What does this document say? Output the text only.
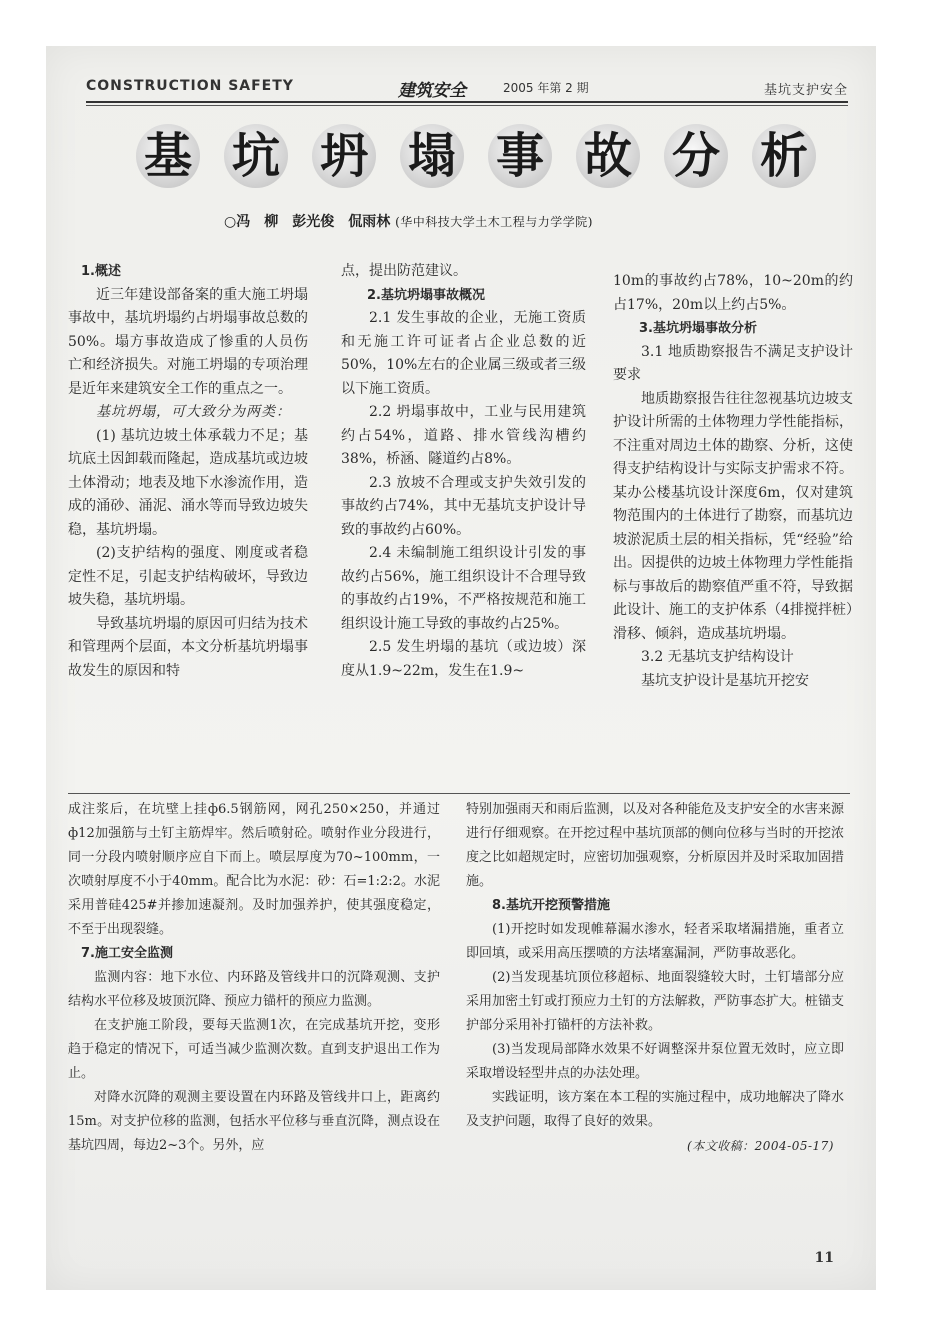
CONSTRUCTION SAFETY	建筑安全	2005 年第 2 期	基坑支护安全
基 坑 坍 塌 事 故 分 析
○冯　柳　彭光俊　侃雨林 (华中科技大学土木工程与力学学院)

1.概述

近三年建设部备案的重大施工坍塌事故中，基坑坍塌约占坍塌事故总数的50%。塌方事故造成了惨重的人员伤亡和经济损失。对施工坍塌的专项治理是近年来建筑安全工作的重点之一。

基坑坍塌，可大致分为两类：

(1) 基坑边坡土体承载力不足；基坑底土因卸载而隆起，造成基坑或边坡土体滑动；地表及地下水渗流作用，造成的涌砂、涌泥、涌水等而导致边坡失稳，基坑坍塌。

(2)支护结构的强度、刚度或者稳定性不足，引起支护结构破坏，导致边坡失稳，基坑坍塌。

导致基坑坍塌的原因可归结为技术和管理两个层面，本文分析基坑坍塌事故发生的原因和特

点，提出防范建议。

2.基坑坍塌事故概况

2.1 发生事故的企业，无施工资质和无施工许可证者占企业总数的近50%，10%左右的企业属三级或者三级以下施工资质。

2.2 坍塌事故中，工业与民用建筑约占54%，道路、排水管线沟槽约38%，桥涵、隧道约占8%。

2.3 放坡不合理或支护失效引发的事故约占74%，其中无基坑支护设计导致的事故约占60%。

2.4 未编制施工组织设计引发的事故约占56%，施工组织设计不合理导致的事故约占19%，不严格按规范和施工组织设计施工导致的事故约占25%。

2.5 发生坍塌的基坑（或边坡）深度从1.9~22m，发生在1.9~

10m的事故约占78%，10~20m的约占17%，20m以上约占5%。

3.基坑坍塌事故分析

3.1 地质勘察报告不满足支护设计要求

地质勘察报告往往忽视基坑边坡支护设计所需的土体物理力学性能指标，不注重对周边土体的勘察、分析，这使得支护结构设计与实际支护需求不符。某办公楼基坑设计深度6m，仅对建筑物范围内的土体进行了勘察，而基坑边坡淤泥质土层的相关指标，凭“经验”给出。因提供的边坡土体物理力学性能指标与事故后的勘察值严重不符，导致据此设计、施工的支护体系（4排搅拌桩）滑移、倾斜，造成基坑坍塌。

3.2 无基坑支护结构设计

基坑支护设计是基坑开挖安

成注浆后，在坑壁上挂ф6.5钢筋网，网孔250×250，并通过ф12加强筋与土钉主筋焊牢。然后喷射砼。喷射作业分段进行，同一分段内喷射顺序应自下而上。喷层厚度为70~100mm，一次喷射厚度不小于40mm。配合比为水泥：砂：石=1:2:2。水泥采用普硅425#并掺加速凝剂。及时加强养护，使其强度稳定，不至于出现裂缝。

7.施工安全监测

监测内容：地下水位、内环路及管线井口的沉降观测、支护结构水平位移及坡顶沉降、预应力锚杆的预应力监测。

在支护施工阶段，要每天监测1次，在完成基坑开挖，变形趋于稳定的情况下，可适当减少监测次数。直到支护退出工作为止。

对降水沉降的观测主要设置在内环路及管线井口上，距离约15m。对支护位移的监测，包括水平位移与垂直沉降，测点设在基坑四周，每边2~3个。另外，应

特别加强雨天和雨后监测，以及对各种能危及支护安全的水害来源进行仔细观察。在开挖过程中基坑顶部的侧向位移与当时的开挖浓度之比如超规定时，应密切加强观察，分析原因并及时采取加固措施。

8.基坑开挖预警措施

(1)开挖时如发现帷幕漏水渗水，轻者采取堵漏措施，重者立即回填，或采用高压摆喷的方法堵塞漏洞，严防事故恶化。

(2)当发现基坑顶位移超标、地面裂缝较大时，土钉墙部分应采用加密土钉或打预应力土钉的方法解救，严防事态扩大。桩锚支护部分采用补打锚杆的方法补救。

(3)当发现局部降水效果不好调整深井泵位置无效时，应立即采取增设轻型井点的办法处理。

实践证明，该方案在本工程的实施过程中，成功地解决了降水及支护问题，取得了良好的效果。

(本文收稿：2004-05-17)

11
